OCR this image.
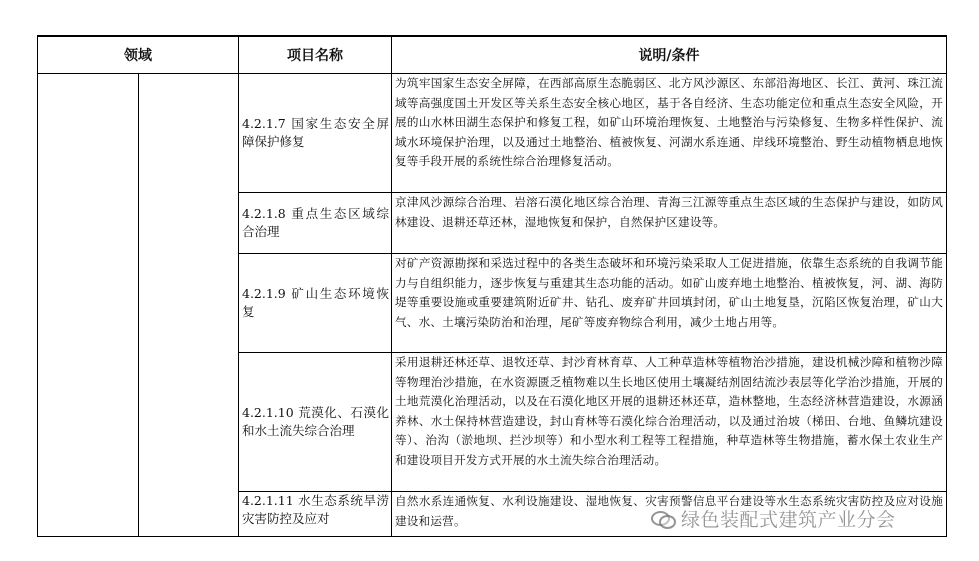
领域		项目名称	说明/条件
		4.2.1.7 国家生态安全屏障保护修复	为筑牢国家生态安全屏障，在西部高原生态脆弱区、北方风沙源区、东部沿海地区、长江、黄河、珠江流域等高强度国土开发区等关系生态安全核心地区，基于各自经济、生态功能定位和重点生态安全风险，开展的山水林田湖生态保护和修复工程，如矿山环境治理恢复、土地整治与污染修复、生物多样性保护、流域水环境保护治理，以及通过土地整治、植被恢复、河湖水系连通、岸线环境整治、野生动植物栖息地恢复等手段开展的系统性综合治理修复活动。
		4.2.1.8 重点生态区域综合治理	京津风沙源综合治理、岩溶石漠化地区综合治理、青海三江源等重点生态区域的生态保护与建设，如防风林建设、退耕还草还林，湿地恢复和保护，自然保护区建设等。
		4.2.1.9 矿山生态环境恢复	对矿产资源勘探和采选过程中的各类生态破坏和环境污染采取人工促进措施，依靠生态系统的自我调节能力与自组织能力，逐步恢复与重建其生态功能的活动。如矿山废弃地土地整治、植被恢复，河、湖、海防堤等重要设施或重要建筑附近矿井、钻孔、废弃矿井回填封闭，矿山土地复垦，沉陷区恢复治理，矿山大气、水、土壤污染防治和治理，尾矿等废弃物综合利用，减少土地占用等。
		4.2.1.10 荒漠化、石漠化和水土流失综合治理	采用退耕还林还草、退牧还草、封沙育林育草、人工种草造林等植物治沙措施，建设机械沙障和植物沙障等物理治沙措施，在水资源匮乏植物难以生长地区使用土壤凝结剂固结流沙表层等化学治沙措施，开展的土地荒漠化治理活动，以及在石漠化地区开展的退耕还林还草，造林整地，生态经济林营造建设，水源涵养林、水土保持林营造建设，封山育林等石漠化综合治理活动，以及通过治坡（梯田、台地、鱼鳞坑建设等）、治沟（淤地坝、拦沙坝等）和小型水利工程等工程措施，种草造林等生物措施，蓄水保土农业生产和建设项目开发方式开展的水土流失综合治理活动。
		4.2.1.11 水生态系统旱涝灾害防控及应对	自然水系连通恢复、水利设施建设、湿地恢复、灾害预警信息平台建设等水生态系统灾害防控及应对设施建设和运营。	绿色装配式建筑产业分会
